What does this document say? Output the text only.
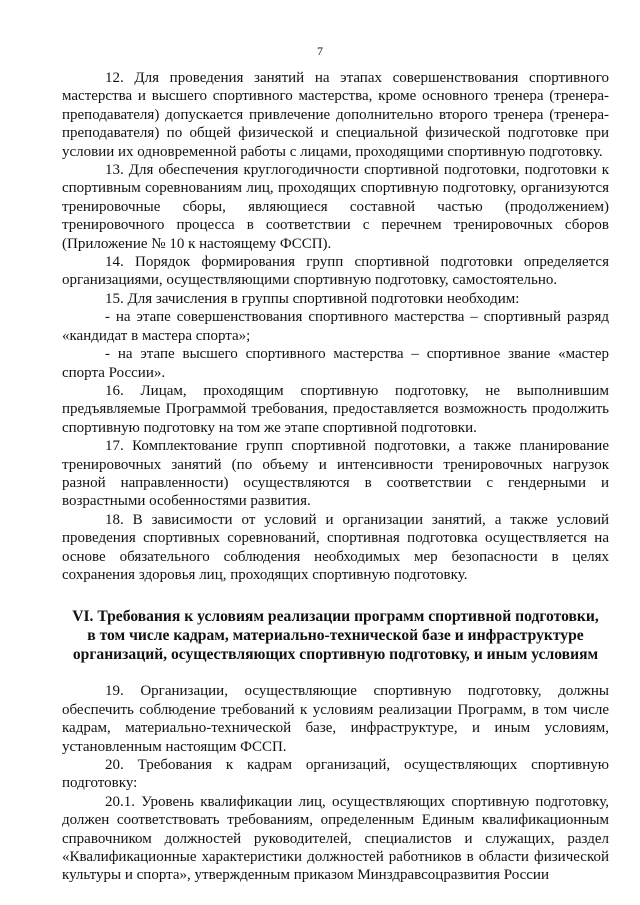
7

12. Для проведения занятий на этапах совершенствования спортивного мастерства и высшего спортивного мастерства, кроме основного тренера (тренера-преподавателя) допускается привлечение дополнительно второго тренера (тренера-преподавателя) по общей физической и специальной физической подготовке при условии их одновременной работы с лицами, проходящими спортивную подготовку.

13. Для обеспечения круглогодичности спортивной подготовки, подготовки к спортивным соревнованиям лиц, проходящих спортивную подготовку, организуются тренировочные сборы, являющиеся составной частью (продолжением) тренировочного процесса в соответствии с перечнем тренировочных сборов (Приложение № 10 к настоящему ФССП).

14. Порядок формирования групп спортивной подготовки определяется организациями, осуществляющими спортивную подготовку, самостоятельно.

15. Для зачисления в группы спортивной подготовки необходим:

- на этапе совершенствования спортивного мастерства – спортивный разряд «кандидат в мастера спорта»;

- на этапе высшего спортивного мастерства – спортивное звание «мастер спорта России».

16. Лицам, проходящим спортивную подготовку, не выполнившим предъявляемые Программой требования, предоставляется возможность продолжить спортивную подготовку на том же этапе спортивной подготовки.

17. Комплектование групп спортивной подготовки, а также планирование тренировочных занятий (по объему и интенсивности тренировочных нагрузок разной направленности) осуществляются в соответствии с гендерными и возрастными особенностями развития.

18. В зависимости от условий и организации занятий, а также условий проведения спортивных соревнований, спортивная подготовка осуществляется на основе обязательного соблюдения необходимых мер безопасности в целях сохранения здоровья лиц, проходящих спортивную подготовку.

VI. Требования к условиям реализации программ спортивной подготовки,
в том числе кадрам, материально-технической базе и инфраструктуре
организаций, осуществляющих спортивную подготовку, и иным условиям

19. Организации, осуществляющие спортивную подготовку, должны обеспечить соблюдение требований к условиям реализации Программ, в том числе кадрам, материально-технической базе, инфраструктуре, и иным условиям, установленным настоящим ФССП.

20. Требования к кадрам организаций, осуществляющих спортивную подготовку:

20.1. Уровень квалификации лиц, осуществляющих спортивную подготовку, должен соответствовать требованиям, определенным Единым квалификационным справочником должностей руководителей, специалистов и служащих, раздел «Квалификационные характеристики должностей работников в области физической культуры и спорта», утвержденным приказом Минздравсоцразвития России
